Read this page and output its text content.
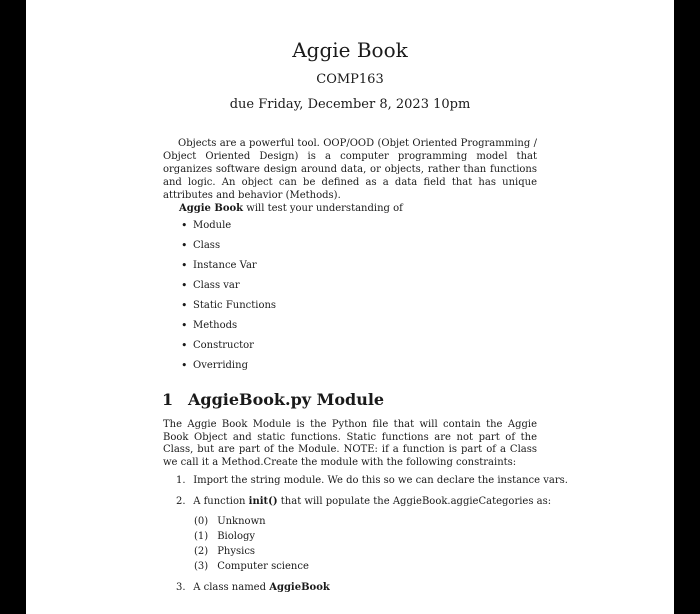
Aggie Book
COMP163
due Friday, December 8, 2023 10pm

Objects are a powerful tool. OOP/OOD (Objet Oriented Programming / Object Oriented Design) is a computer programming model that organizes software design around data, or objects, rather than functions and logic. An object can be defined as a data field that has unique attributes and behavior (Methods).

Aggie Book will test your understanding of
• Module
• Class
• Instance Var
• Class var
• Static Functions
• Methods
• Constructor
• Overriding
1 AggieBook.py Module
The Aggie Book Module is the Python file that will contain the Aggie Book Object and static functions. Static functions are not part of the Class, but are part of the Module. NOTE: if a function is part of a Class we call it a Method.Create the module with the following constraints:
1. Import the string module. We do this so we can declare the instance vars.
2. A function init() that will populate the AggieBook.aggieCategories as:
(0) Unknown
(1) Biology
(2) Physics
(3) Computer science
3. A class named AggieBook
